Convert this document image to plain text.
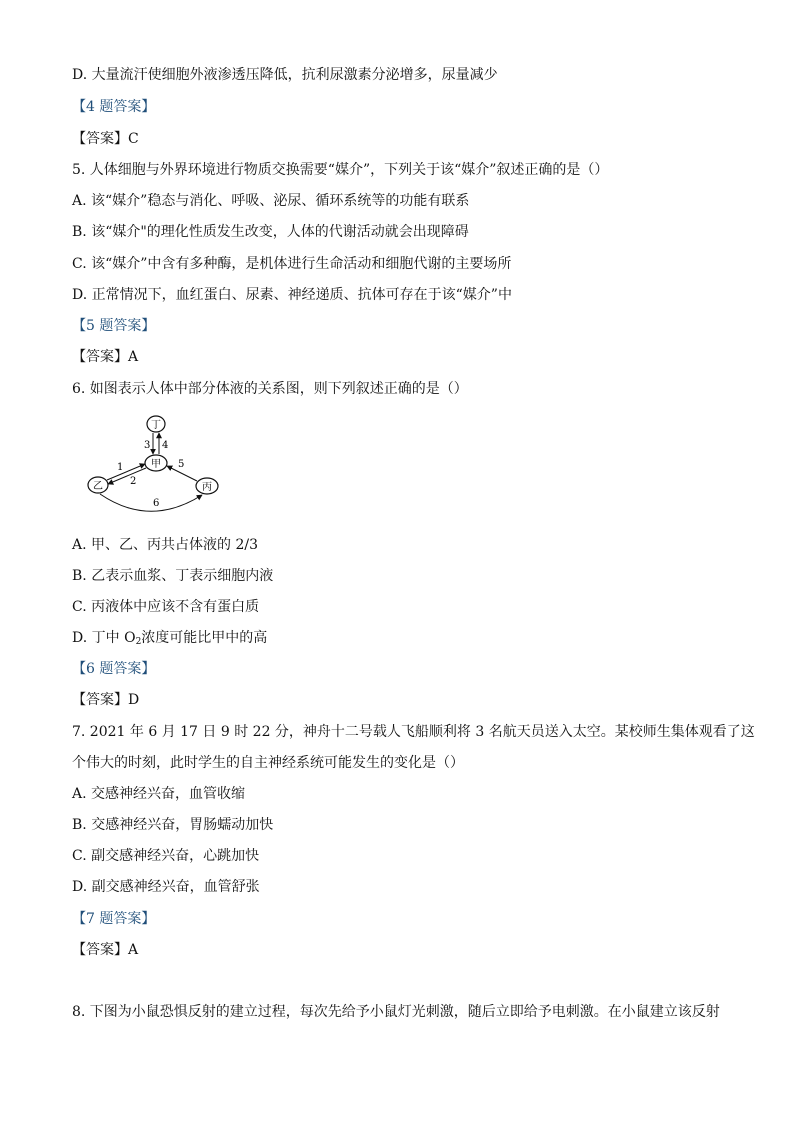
D. 大量流汗使细胞外液渗透压降低，抗利尿激素分泌增多，尿量减少
【4 题答案】
【答案】C
5. 人体细胞与外界环境进行物质交换需要“媒介”，下列关于该“媒介”叙述正确的是（）
A. 该“媒介”稳态与消化、呼吸、泌尿、循环系统等的功能有联系
B. 该“媒介"的理化性质发生改变，人体的代谢活动就会出现障碍
C. 该“媒介”中含有多种酶，是机体进行生命活动和细胞代谢的主要场所
D. 正常情况下，血红蛋白、尿素、神经递质、抗体可存在于该“媒介”中
【5 题答案】
【答案】A
6. 如图表示人体中部分体液的关系图，则下列叙述正确的是（）
丁
甲
乙	丙
3 4
1
2
5
6
A. 甲、乙、丙共占体液的 2/3
B. 乙表示血浆、丁表示细胞内液
C. 丙液体中应该不含有蛋白质
D. 丁中 $O_2$浓度可能比甲中的高
【6 题答案】
【答案】D
7. 2021 年 6 月 17 日 9 时 22 分，神舟十二号载人飞船顺利将 3 名航天员送入太空。某校师生集体观看了这
个伟大的时刻，此时学生的自主神经系统可能发生的变化是（）
A. 交感神经兴奋，血管收缩
B. 交感神经兴奋，胃肠蠕动加快
C. 副交感神经兴奋，心跳加快
D. 副交感神经兴奋，血管舒张
【7 题答案】
【答案】A
8. 下图为小鼠恐惧反射的建立过程，每次先给予小鼠灯光刺激，随后立即给予电刺激。在小鼠建立该反射
